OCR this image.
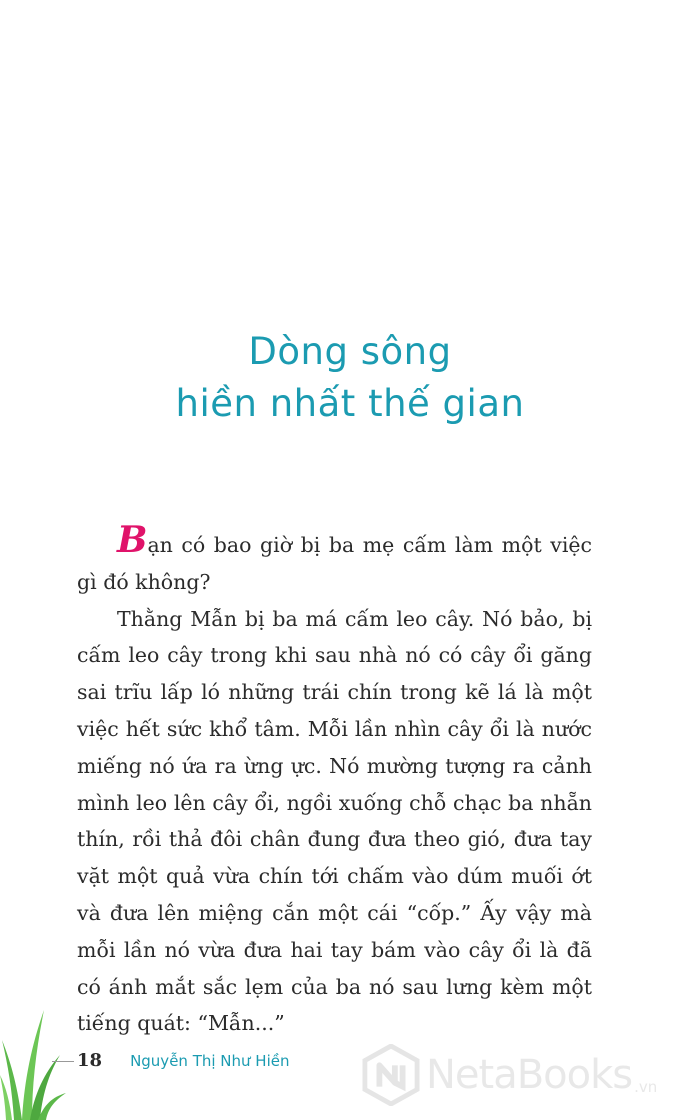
Dòng sông
hiền nhất thế gian

Bạn có bao giờ bị ba mẹ cấm làm một việc gì đó không?

Thằng Mẫn bị ba má cấm leo cây. Nó bảo, bị cấm leo cây trong khi sau nhà nó có cây ổi găng sai trĩu lấp ló những trái chín trong kẽ lá là một việc hết sức khổ tâm. Mỗi lần nhìn cây ổi là nước miếng nó ứa ra ừng ực. Nó mường tượng ra cảnh mình leo lên cây ổi, ngồi xuống chỗ chạc ba nhẵn thín, rồi thả đôi chân đung đưa theo gió, đưa tay vặt một quả vừa chín tới chấm vào dúm muối ớt và đưa lên miệng cắn một cái “cốp.” Ấy vậy mà mỗi lần nó vừa đưa hai tay bám vào cây ổi là đã có ánh mắt sắc lẹm của ba nó sau lưng kèm một tiếng quát: “Mẫn...”

18 Nguyễn Thị Như Hiền	NetaBooks .vn
